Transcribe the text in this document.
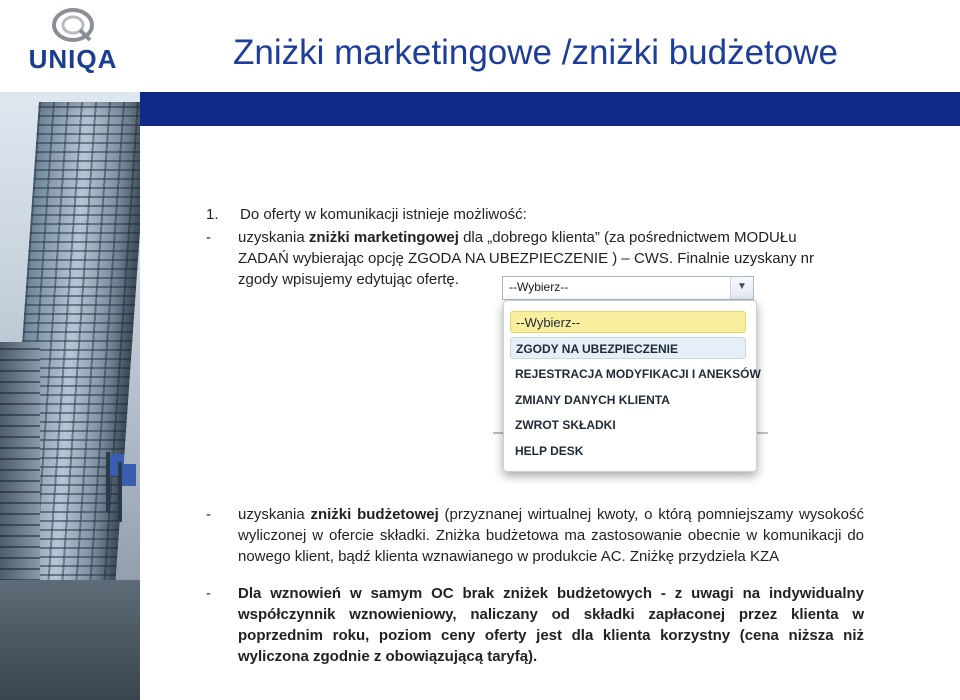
UNIQA	Zniżki marketingowe /zniżki budżetowe
1. Do oferty w komunikacji istnieje możliwość:
- uzyskania zniżki marketingowej dla „dobrego klienta” (za pośrednictwem MODUŁu
ZADAŃ wybierając opcję ZGODA NA UBEZPIECZENIE ) – CWS. Finalnie uzyskany nr
zgody wpisujemy edytując ofertę.	--Wybierz--	▼
--Wybierz--
ZGODY NA UBEZPIECZENIE
REJESTRACJA MODYFIKACJI I ANEKSÓW
ZMIANY DANYCH KLIENTA
ZWROT SKŁADKI
HELP DESK
- uzyskania zniżki budżetowej (przyznanej wirtualnej kwoty, o którą pomniejszamy wysokość wyliczonej w ofercie składki. Zniżka budżetowa ma zastosowanie obecnie w komunikacji do nowego klient, bądź klienta wznawianego w produkcie AC. Zniżkę przydziela KZA
- Dla wznowień w samym OC brak zniżek budżetowych - z uwagi na indywidualny współczynnik wznowieniowy, naliczany od składki zapłaconej przez klienta w poprzednim roku, poziom ceny oferty jest dla klienta korzystny (cena niższa niż wyliczona zgodnie z obowiązującą taryfą).
